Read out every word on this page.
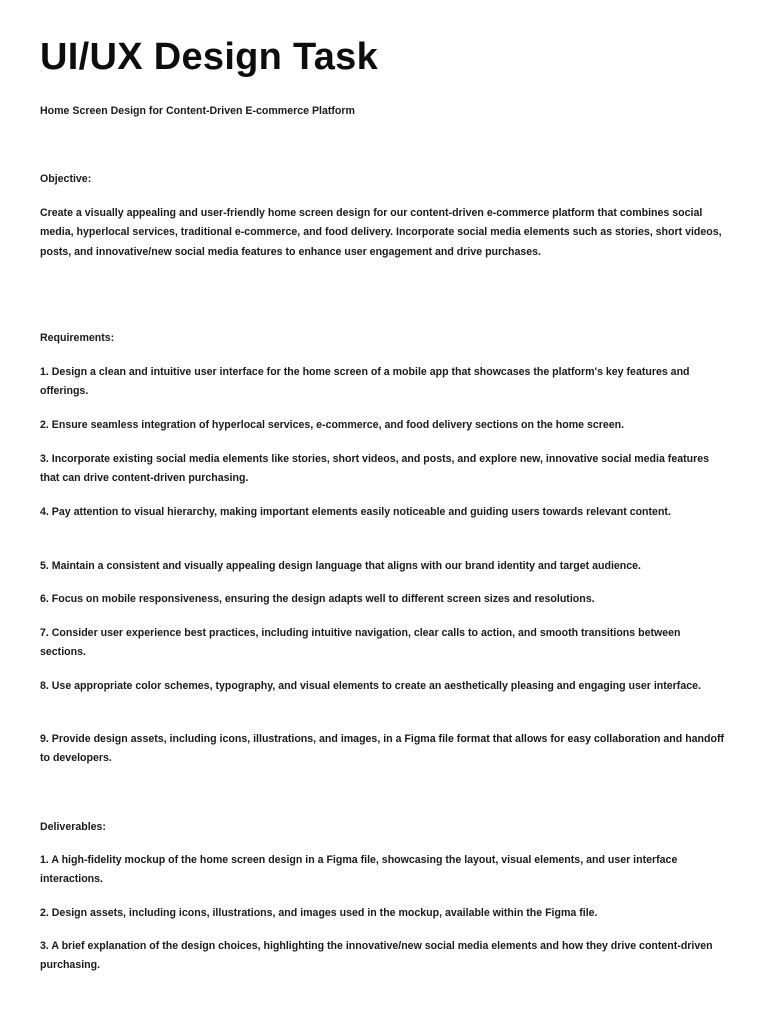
UI/UX Design Task

Home Screen Design for Content-Driven E-commerce Platform

Objective:

Create a visually appealing and user-friendly home screen design for our content-driven e-commerce platform that combines social media, hyperlocal services, traditional e-commerce, and food delivery. Incorporate social media elements such as stories, short videos, posts, and innovative/new social media features to enhance user engagement and drive purchases.

Requirements:

1. Design a clean and intuitive user interface for the home screen of a mobile app that showcases the platform's key features and offerings.

2. Ensure seamless integration of hyperlocal services, e-commerce, and food delivery sections on the home screen.

3. Incorporate existing social media elements like stories, short videos, and posts, and explore new, innovative social media features that can drive content-driven purchasing.

4. Pay attention to visual hierarchy, making important elements easily noticeable and guiding users towards relevant content.

5. Maintain a consistent and visually appealing design language that aligns with our brand identity and target audience.

6. Focus on mobile responsiveness, ensuring the design adapts well to different screen sizes and resolutions.

7. Consider user experience best practices, including intuitive navigation, clear calls to action, and smooth transitions between sections.

8. Use appropriate color schemes, typography, and visual elements to create an aesthetically pleasing and engaging user interface.

9. Provide design assets, including icons, illustrations, and images, in a Figma file format that allows for easy collaboration and handoff to developers.

Deliverables:

1. A high-fidelity mockup of the home screen design in a Figma file, showcasing the layout, visual elements, and user interface interactions.

2. Design assets, including icons, illustrations, and images used in the mockup, available within the Figma file.

3. A brief explanation of the design choices, highlighting the innovative/new social media elements and how they drive content-driven purchasing.
